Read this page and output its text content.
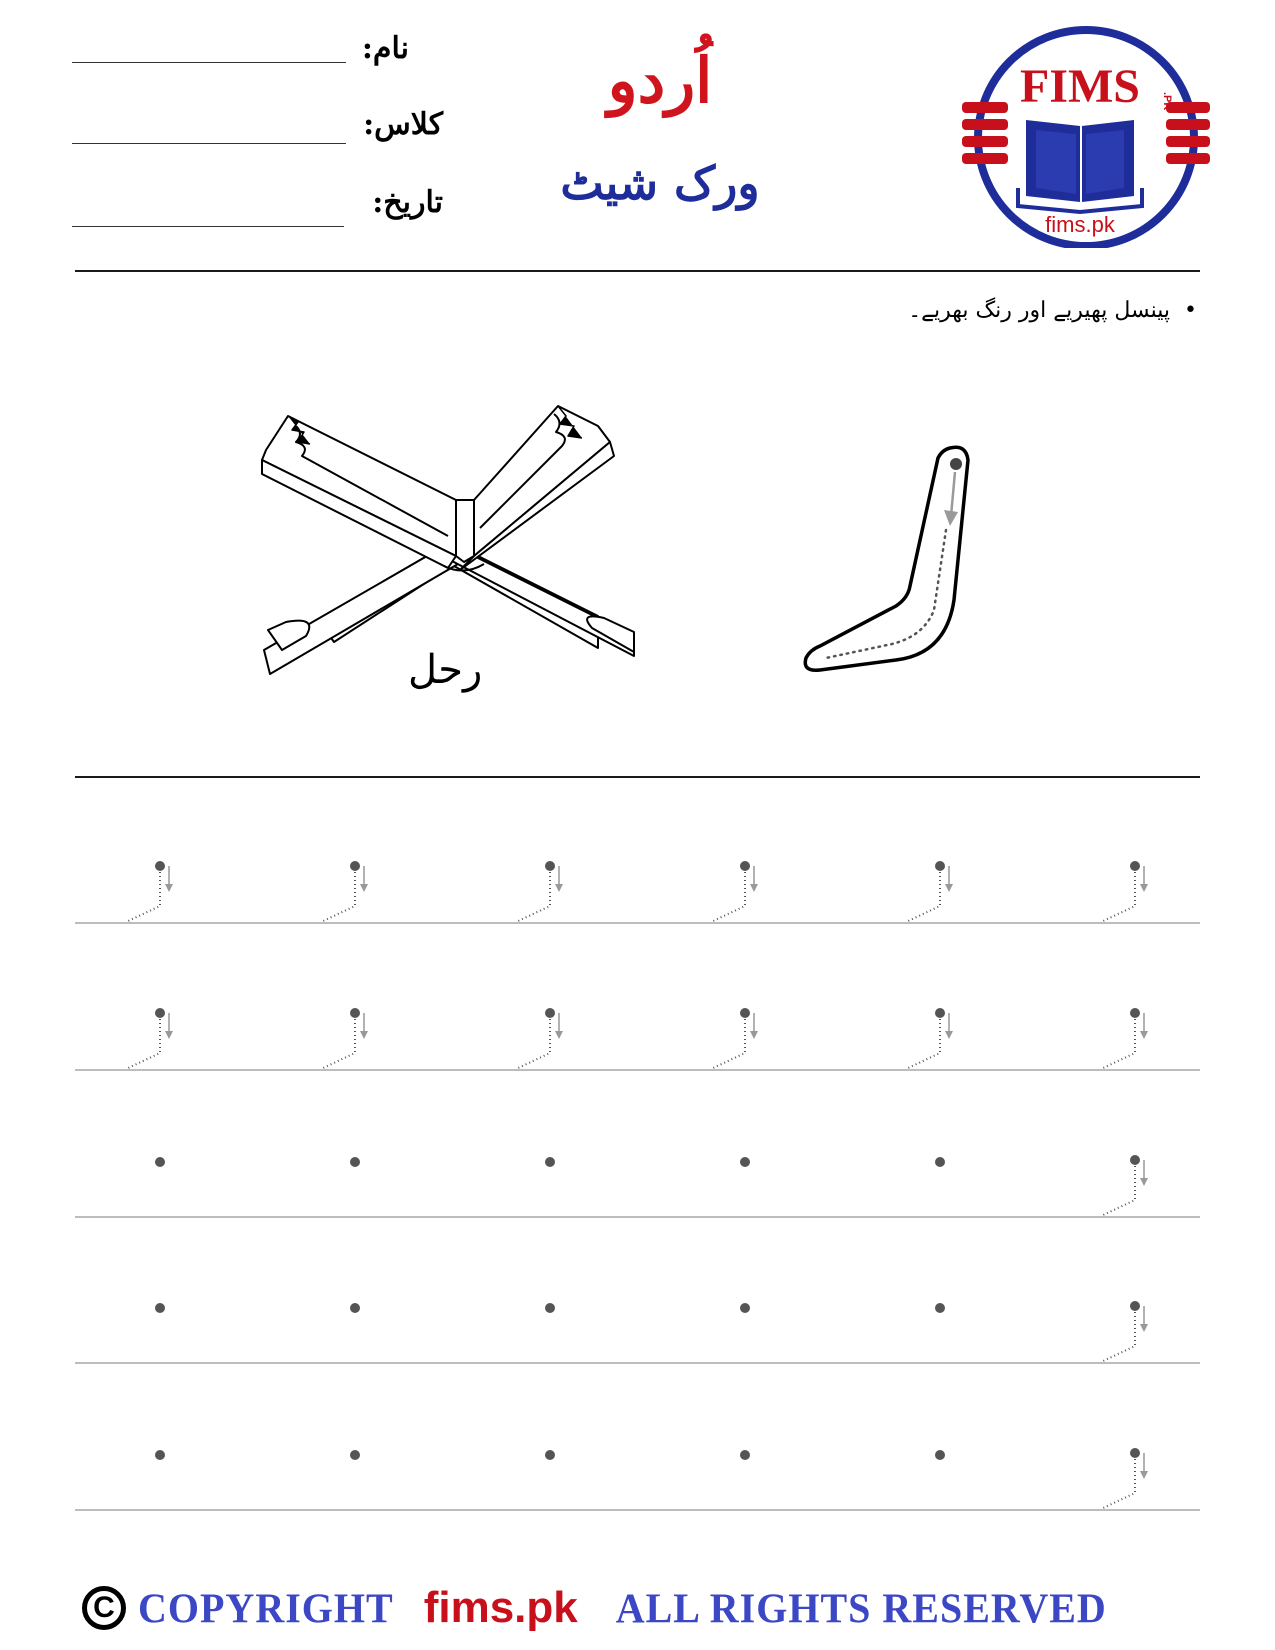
نام:
کلاس:
تاریخ:
اُردو
ورک شیٹ
FIMS .PK
fims.pk
•پینسل پھیریے اور رنگ بھریے۔
رحل
C COPYRIGHT fims.pk ALL RIGHTS RESERVED
